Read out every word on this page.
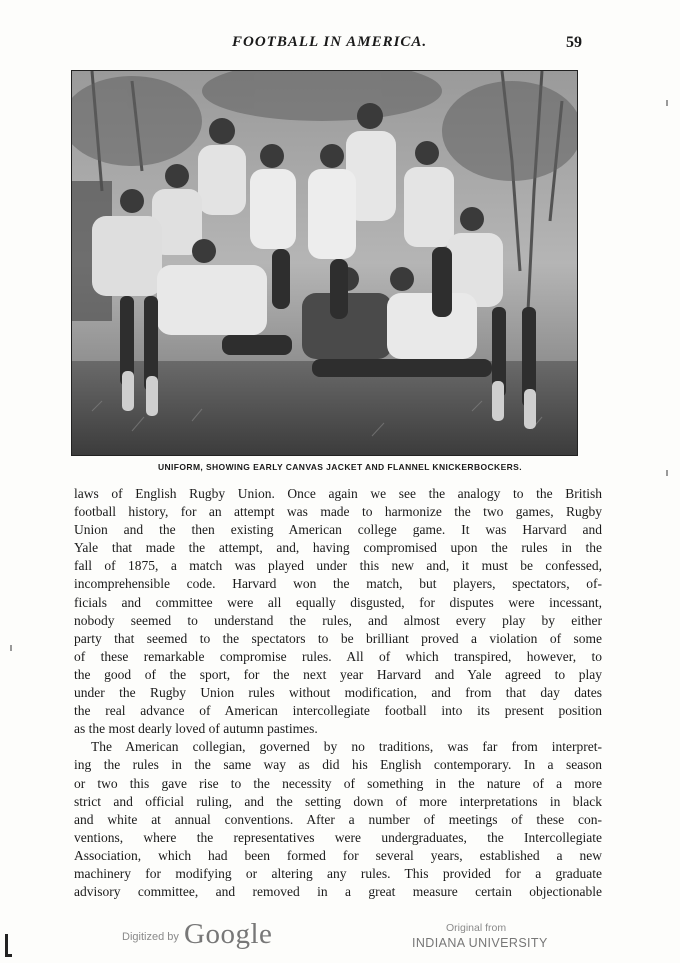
FOOTBALL IN AMERICA.	59
UNIFORM, SHOWING EARLY CANVAS JACKET AND FLANNEL KNICKERBOCKERS.
laws of English Rugby Union. Once again we see the analogy to the British
football history, for an attempt was made to harmonize the two games, Rugby
Union and the then existing American college game. It was Harvard and
Yale that made the attempt, and, having compromised upon the rules in the
fall of 1875, a match was played under this new and, it must be confessed,
incomprehensible code. Harvard won the match, but players, spectators, of-
ficials and committee were all equally disgusted, for disputes were incessant,
nobody seemed to understand the rules, and almost every play by either
party that seemed to the spectators to be brilliant proved a violation of some
of these remarkable compromise rules. All of which transpired, however, to
the good of the sport, for the next year Harvard and Yale agreed to play
under the Rugby Union rules without modification, and from that day dates
the real advance of American intercollegiate football into its present position
as the most dearly loved of autumn pastimes.
The American collegian, governed by no traditions, was far from interpret-
ing the rules in the same way as did his English contemporary. In a season
or two this gave rise to the necessity of something in the nature of a more
strict and official ruling, and the setting down of more interpretations in black
and white at annual conventions. After a number of meetings of these con-
ventions, where the representatives were undergraduates, the Intercollegiate
Association, which had been formed for several years, established a new
machinery for modifying or altering any rules. This provided for a graduate
advisory committee, and removed in a great measure certain objectionable
Digitized by Google	Original from
INDIANA UNIVERSITY
